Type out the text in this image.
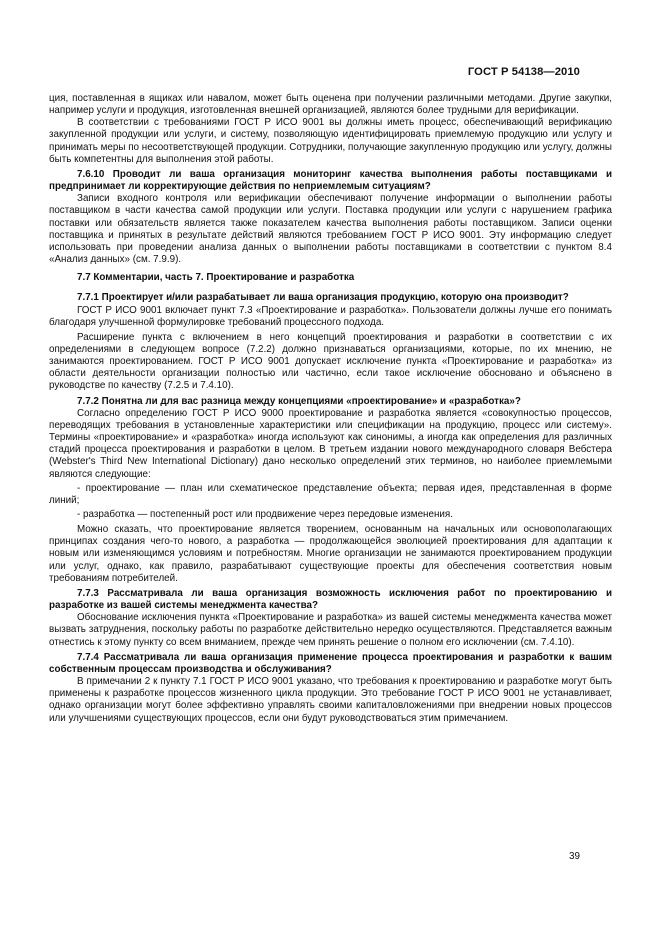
ГОСТ Р 54138—2010

ция, поставленная в ящиках или навалом, может быть оценена при получении различными методами. Другие закупки, например услуги и продукция, изготовленная внешней организацией, являются более трудными для верификации.

В соответствии с требованиями ГОСТ Р ИСО 9001 вы должны иметь процесс, обеспечивающий верификацию закупленной продукции или услуги, и систему, позволяющую идентифицировать приемлемую продукцию или услугу и принимать меры по несоответствующей продукции. Сотрудники, получающие закупленную продукцию или услугу, должны быть компетентны для выполнения этой работы.

7.6.10 Проводит ли ваша организация мониторинг качества выполнения работы поставщиками и предпринимает ли корректирующие действия по неприемлемым ситуациям?

Записи входного контроля или верификации обеспечивают получение информации о выполнении работы поставщиком в части качества самой продукции или услуги. Поставка продукции или услуги с нарушением графика поставки или обязательств является также показателем качества выполнения работы поставщиком. Записи оценки поставщика и принятых в результате действий являются требованием ГОСТ Р ИСО 9001. Эту информацию следует использовать при проведении анализа данных о выполнении работы поставщиками в соответствии с пунктом 8.4 «Анализ данных» (см. 7.9.9).

7.7 Комментарии, часть 7. Проектирование и разработка

7.7.1 Проектирует и/или разрабатывает ли ваша организация продукцию, которую она производит?

ГОСТ Р ИСО 9001 включает пункт 7.3 «Проектирование и разработка». Пользователи должны лучше его понимать благодаря улучшенной формулировке требований процессного подхода.

Расширение пункта с включением в него концепций проектирования и разработки в соответствии с их определениями в следующем вопросе (7.2.2) должно признаваться организациями, которые, по их мнению, не занимаются проектированием. ГОСТ Р ИСО 9001 допускает исключение пункта «Проектирование и разработка» из области деятельности организации полностью или частично, если такое исключение обосновано и объяснено в руководстве по качеству (7.2.5 и 7.4.10).

7.7.2 Понятна ли для вас разница между концепциями «проектирование» и «разработка»?

Согласно определению ГОСТ Р ИСО 9000 проектирование и разработка является «совокупностью процессов, переводящих требования в установленные характеристики или спецификации на продукцию, процесс или систему». Термины «проектирование» и «разработка» иногда используют как синонимы, а иногда как определения для различных стадий процесса проектирования и разработки в целом. В третьем издании нового международного словаря Вебстера (Webster's Third New International Dictionary) дано несколько определений этих терминов, но наиболее приемлемыми являются следующие:

- проектирование — план или схематическое представление объекта; первая идея, представленная в форме линий;

- разработка — постепенный рост или продвижение через передовые изменения.

Можно сказать, что проектирование является творением, основанным на начальных или основополагающих принципах создания чего-то нового, а разработка — продолжающейся эволюцией проектирования для адаптации к новым или изменяющимся условиям и потребностям. Многие организации не занимаются проектированием продукции или услуг, однако, как правило, разрабатывают существующие проекты для обеспечения соответствия новым требованиям потребителей.

7.7.3 Рассматривала ли ваша организация возможность исключения работ по проектированию и разработке из вашей системы менеджмента качества?

Обоснование исключения пункта «Проектирование и разработка» из вашей системы менеджмента качества может вызвать затруднения, поскольку работы по разработке действительно нередко осуществляются. Представляется важным отнестись к этому пункту со всем вниманием, прежде чем принять решение о полном его исключении (см. 7.4.10).

7.7.4 Рассматривала ли ваша организация применение процесса проектирования и разработки к вашим собственным процессам производства и обслуживания?

В примечании 2 к пункту 7.1 ГОСТ Р ИСО 9001 указано, что требования к проектированию и разработке могут быть применены к разработке процессов жизненного цикла продукции. Это требование ГОСТ Р ИСО 9001 не устанавливает, однако организации могут более эффективно управлять своими капиталовложениями при внедрении новых процессов или улучшениями существующих процессов, если они будут руководствоваться этим примечанием.

39
